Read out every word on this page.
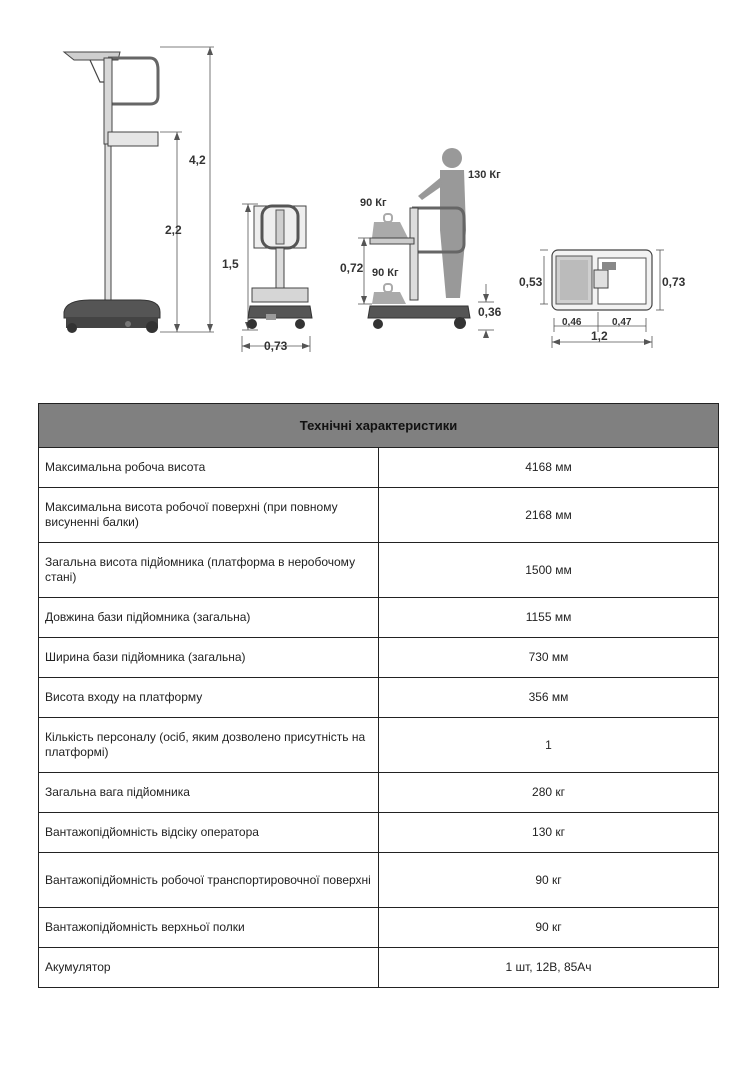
4,2
2,2
1,5
0,73
130 Кг
90 Кг
90 Кг
0,72
0,36
0,53	0,73
0,46	0,47
1,2
Технічні характеристики	
Максимальна робоча висота	4168 мм
Максимальна висота робочої поверхні (при повному висуненні балки)	2168 мм
Загальна висота підйомника (платформа в неробочому стані)	1500 мм
Довжина бази підйомника (загальна)	1155 мм
Ширина бази підйомника (загальна)	730 мм
Висота входу на платформу	356 мм
Кількість персоналу (осіб, яким дозволено присутність на платформі)	1
Загальна вага підйомника	280 кг
Вантажопідйомність відсіку оператора	130 кг
Вантажопідйомність робочої транспортировочної поверхні	90 кг
Вантажопідйомність верхньої полки	90 кг
Акумулятор	1 шт, 12В, 85Ач
